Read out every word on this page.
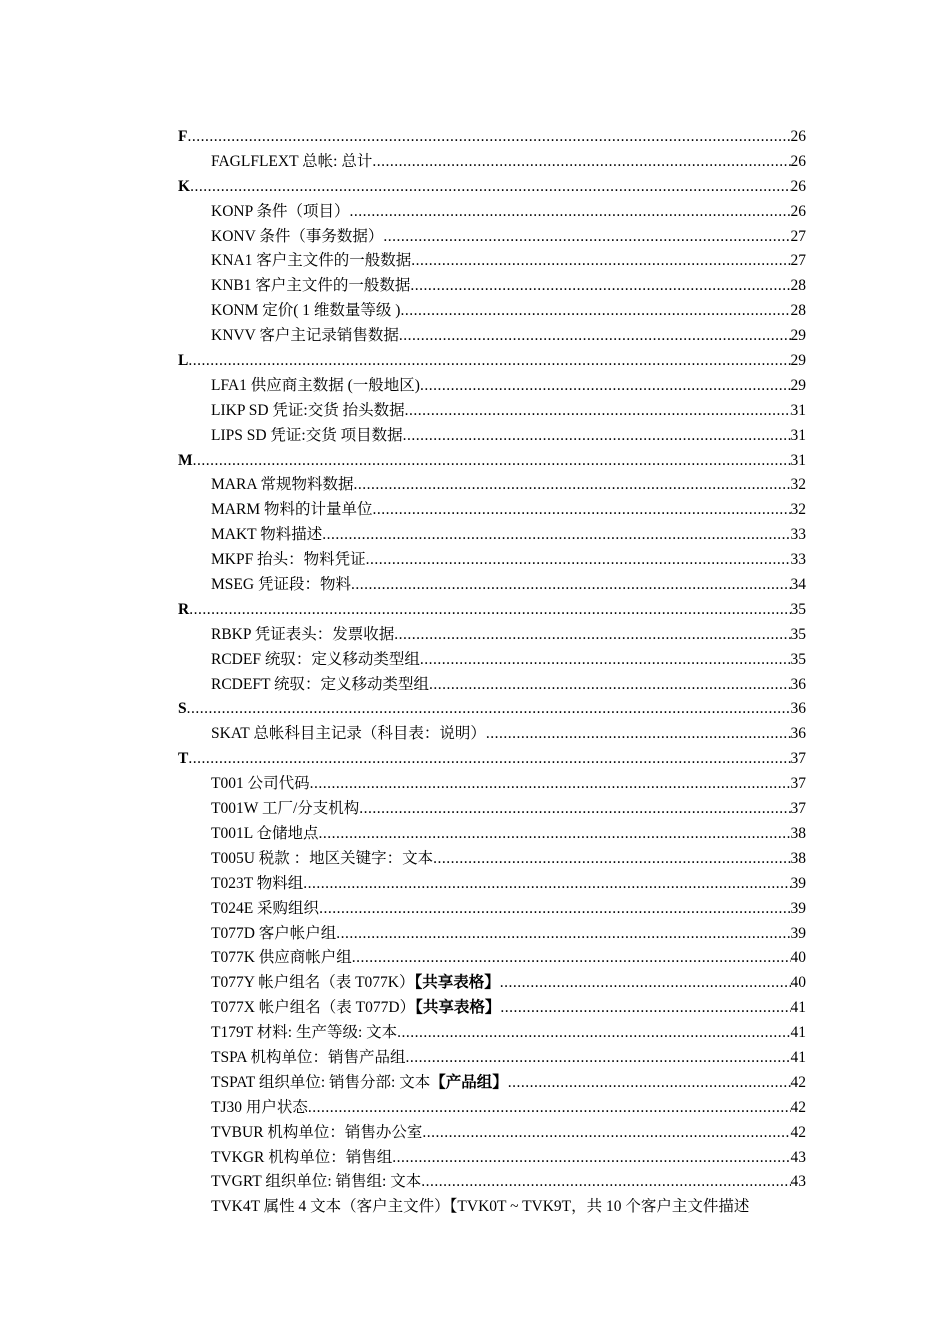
F .....	26
FAGLFLEXT 总帐: 总计 .....	26
K .....	26
KONP 条件（项目） .....	26
KONV 条件（事务数据） .....	27
KNA1 客户主文件的一般数据 .....	27
KNB1 客户主文件的一般数据 .....	28
KONM 定价( 1 维数量等级 ) .....	28
KNVV 客户主记录销售数据 .....	29
L .....	29
LFA1 供应商主数据 (一般地区) .....	29
LIKP SD 凭证:交货 抬头数据 .....	31
LIPS SD 凭证:交货 项目数据 .....	31
M .....	31
MARA 常规物料数据 .....	32
MARM 物料的计量单位 .....	32
MAKT 物料描述 .....	33
MKPF 抬头：物料凭证 .....	33
MSEG 凭证段：物料 .....	34
R .....	35
RBKP 凭证表头：发票收据 .....	35
RCDEF 统驭：定义移动类型组 .....	35
RCDEFT 统驭：定义移动类型组 .....	36
S .....	36
SKAT 总帐科目主记录（科目表：说明） .....	36
T .....	37
T001 公司代码 .....	37
T001W 工厂/分支机构 .....	37
T001L 仓储地点 .....	38
T005U 税款 ：地区关键字：文本 .....	38
T023T 物料组 .....	39
T024E 采购组织 .....	39
T077D 客户帐户组 .....	39
T077K 供应商帐户组 .....	40
T077Y 帐户组名（表 T077K）【共享表格】 .....	40
T077X 帐户组名（表 T077D）【共享表格】 .....	41
T179T 材料: 生产等级: 文本 .....	41
TSPA 机构单位：销售产品组 .....	41
TSPAT 组织单位: 销售分部: 文本【产品组】 .....	42
TJ30 用户状态 .....	42
TVBUR 机构单位：销售办公室 .....	42
TVKGR 机构单位：销售组 .....	43
TVGRT 组织单位: 销售组: 文本 .....	43
TVK4T 属性 4 文本（客户主文件）【TVK0T ~ TVK9T，共 10 个客户主文件描述
